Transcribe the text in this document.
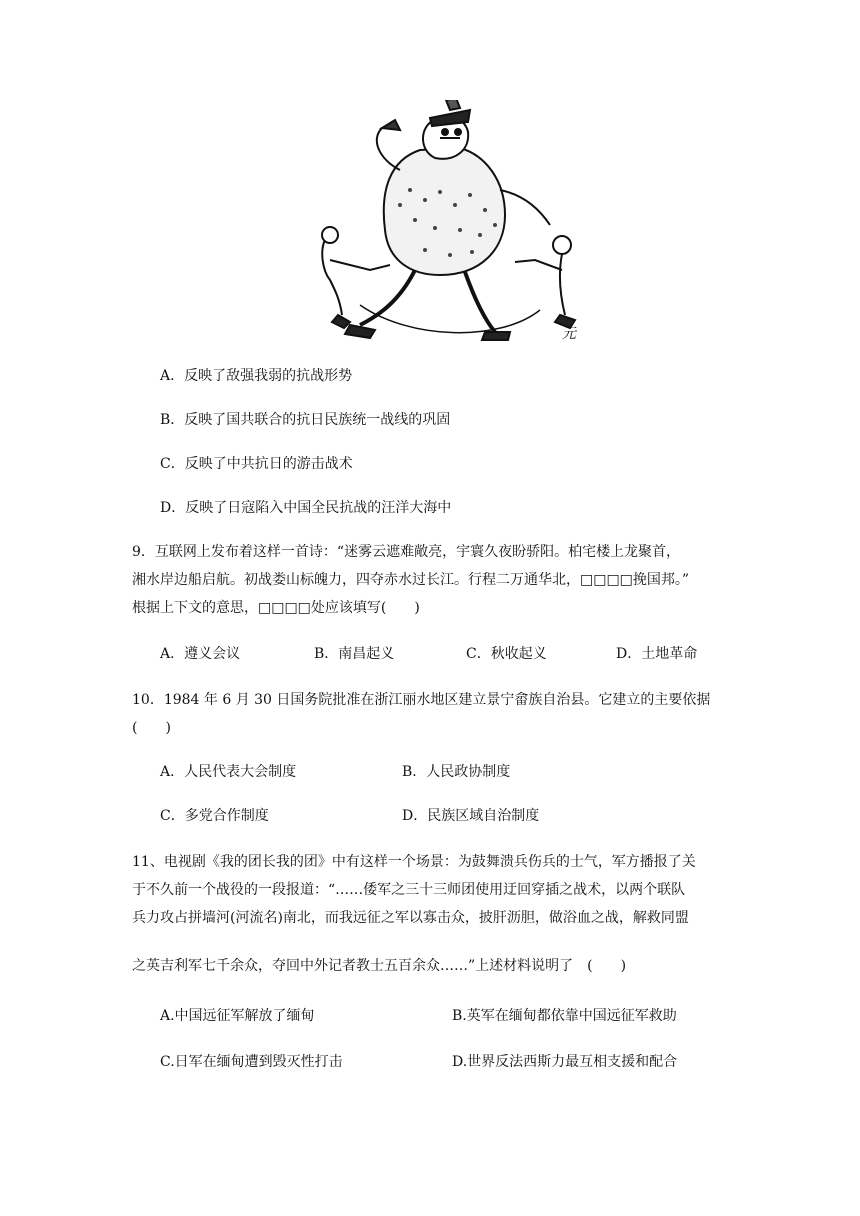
元
A．反映了敌强我弱的抗战形势
B．反映了国共联合的抗日民族统一战线的巩固
C．反映了中共抗日的游击战术
D．反映了日寇陷入中国全民抗战的汪洋大海中
9．互联网上发布着这样一首诗：“迷雾云遮难敞亮，宇寰久夜盼骄阳。柏宅楼上龙聚首，
湘水岸边船启航。初战娄山标魄力，四夺赤水过长江。行程二万通华北，□□□□挽国邦。”
根据上下文的意思，□□□□处应该填写(　　)
A．遵义会议	B．南昌起义	C．秋收起义	D．土地革命
10．1984 年 6 月 30 日国务院批准在浙江丽水地区建立景宁畲族自治县。它建立的主要依据
(　　)
A．人民代表大会制度	B．人民政协制度
C．多党合作制度	D．民族区域自治制度
11、电视剧《我的团长我的团》中有这样一个场景：为鼓舞溃兵伤兵的士气，军方播报了关
于不久前一个战役的一段报道：“……倭军之三十三师团使用迂回穿插之战术，以两个联队
兵力攻占拼墙河(河流名)南北，而我远征之军以寡击众，披肝沥胆，做浴血之战，解救同盟
之英吉利军七千余众，夺回中外记者教士五百余众……”上述材料说明了　(　　)
A.中国远征军解放了缅甸	B.英军在缅甸都依靠中国远征军救助
C.日军在缅甸遭到毁灭性打击	D.世界反法西斯力最互相支援和配合
